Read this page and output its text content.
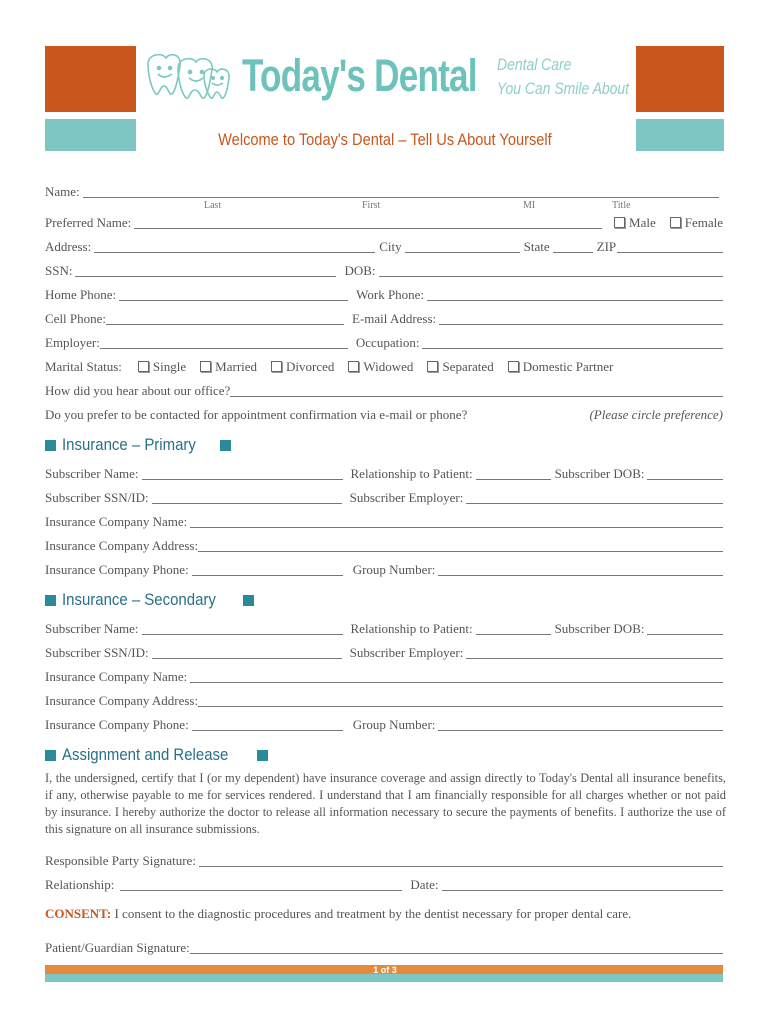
Today's Dental Dental Care
You Can Smile About
Welcome to Today's Dental – Tell Us About Yourself
Name:
Last	First	MI	Title
Preferred Name:	Male	Female
Address:	City	State	ZIP
SSN:	DOB:
Home Phone:	Work Phone:
Cell Phone:	E-mail Address:
Employer:	Occupation:
Marital Status:	Single	Married	Divorced	Widowed	Separated	Domestic Partner
How did you hear about our office?
Do you prefer to be contacted for appointment confirmation via e-mail or phone?	(Please circle preference)
Insurance – Primary
Subscriber Name:	Relationship to Patient:	Subscriber DOB:
Subscriber SSN/ID:	Subscriber Employer:
Insurance Company Name:
Insurance Company Address:
Insurance Company Phone:	Group Number:
Insurance – Secondary
Subscriber Name:	Relationship to Patient:	Subscriber DOB:
Subscriber SSN/ID:	Subscriber Employer:
Insurance Company Name:
Insurance Company Address:
Insurance Company Phone:	Group Number:
Assignment and Release
I, the undersigned, certify that I (or my dependent) have insurance coverage and assign directly to Today's Dental all insurance benefits, if any, otherwise payable to me for services rendered. I understand that I am financially responsible for all charges whether or not paid by insurance. I hereby authorize the doctor to release all information necessary to secure the payments of benefits. I authorize the use of this signature on all insurance submissions.
Responsible Party Signature:
Relationship:	Date:
CONSENT: I consent to the diagnostic procedures and treatment by the dentist necessary for proper dental care.
Patient/Guardian Signature:
1 of 3
